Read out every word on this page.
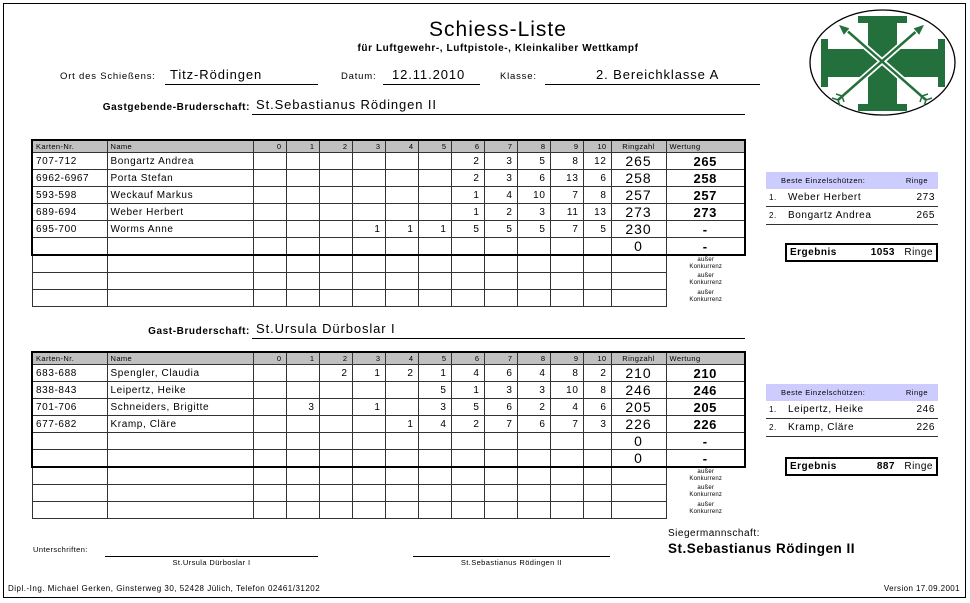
Schiess-Liste
für Luftgewehr-, Luftpistole-, Kleinkaliber Wettkampf
Ort des Schießens: Titz-Rödingen	Datum: 12.11.2010	Klasse:	2. Bereichklasse A
Gastgebende-Bruderschaft: St.Sebastianus Rödingen II
Karten-Nr.	Name	0	1	2	3	4	5	6	7	8	9	10	Ringzahl	Wertung
707-712	Bongartz Andrea							2	3	5	8	12	265	265
6962-6967	Porta Stefan							2	3	6	13	6	258	258
593-598	Weckauf Markus							1	4	10	7	8	257	257
689-694	Weber Herbert							1	2	3	11	13	273	273
695-700	Worms Anne				1	1	1	5	5	5	7	5	230	-
													0	-

														außer Konkurrenz

														außer Konkurrenz

														außer Konkurrenz
Beste Einzelschützen:	Ringe
1. Weber Herbert	273
2. Bongartz Andrea	265
Ergebnis	1053 Ringe
Gast-Bruderschaft: St.Ursula Dürboslar I
Karten-Nr.	Name	0	1	2	3	4	5	6	7	8	9	10	Ringzahl	Wertung
683-688	Spengler, Claudia			2	1	2	1	4	6	4	8	2	210	210
838-843	Leipertz, Heike						5	1	3	3	10	8	246	246
701-706	Schneiders, Brigitte		3		1		3	5	6	2	4	6	205	205
677-682	Kramp, Cläre					1	4	2	7	6	7	3	226	226
													0	-
													0	-

														außer Konkurrenz

														außer Konkurrenz

														außer Konkurrenz
Beste Einzelschützen:	Ringe
1. Leipertz, Heike	246
2. Kramp, Cläre	226
Ergebnis	887 Ringe
Siegermannschaft:
St.Sebastianus Rödingen II
Unterschriften:
St.Ursula Dürboslar I	St.Sebastianus Rödingen II
Dipl.-Ing. Michael Gerken, Ginsterweg 30, 52428 Jülich, Telefon 02461/31202	Version 17.09.2001
